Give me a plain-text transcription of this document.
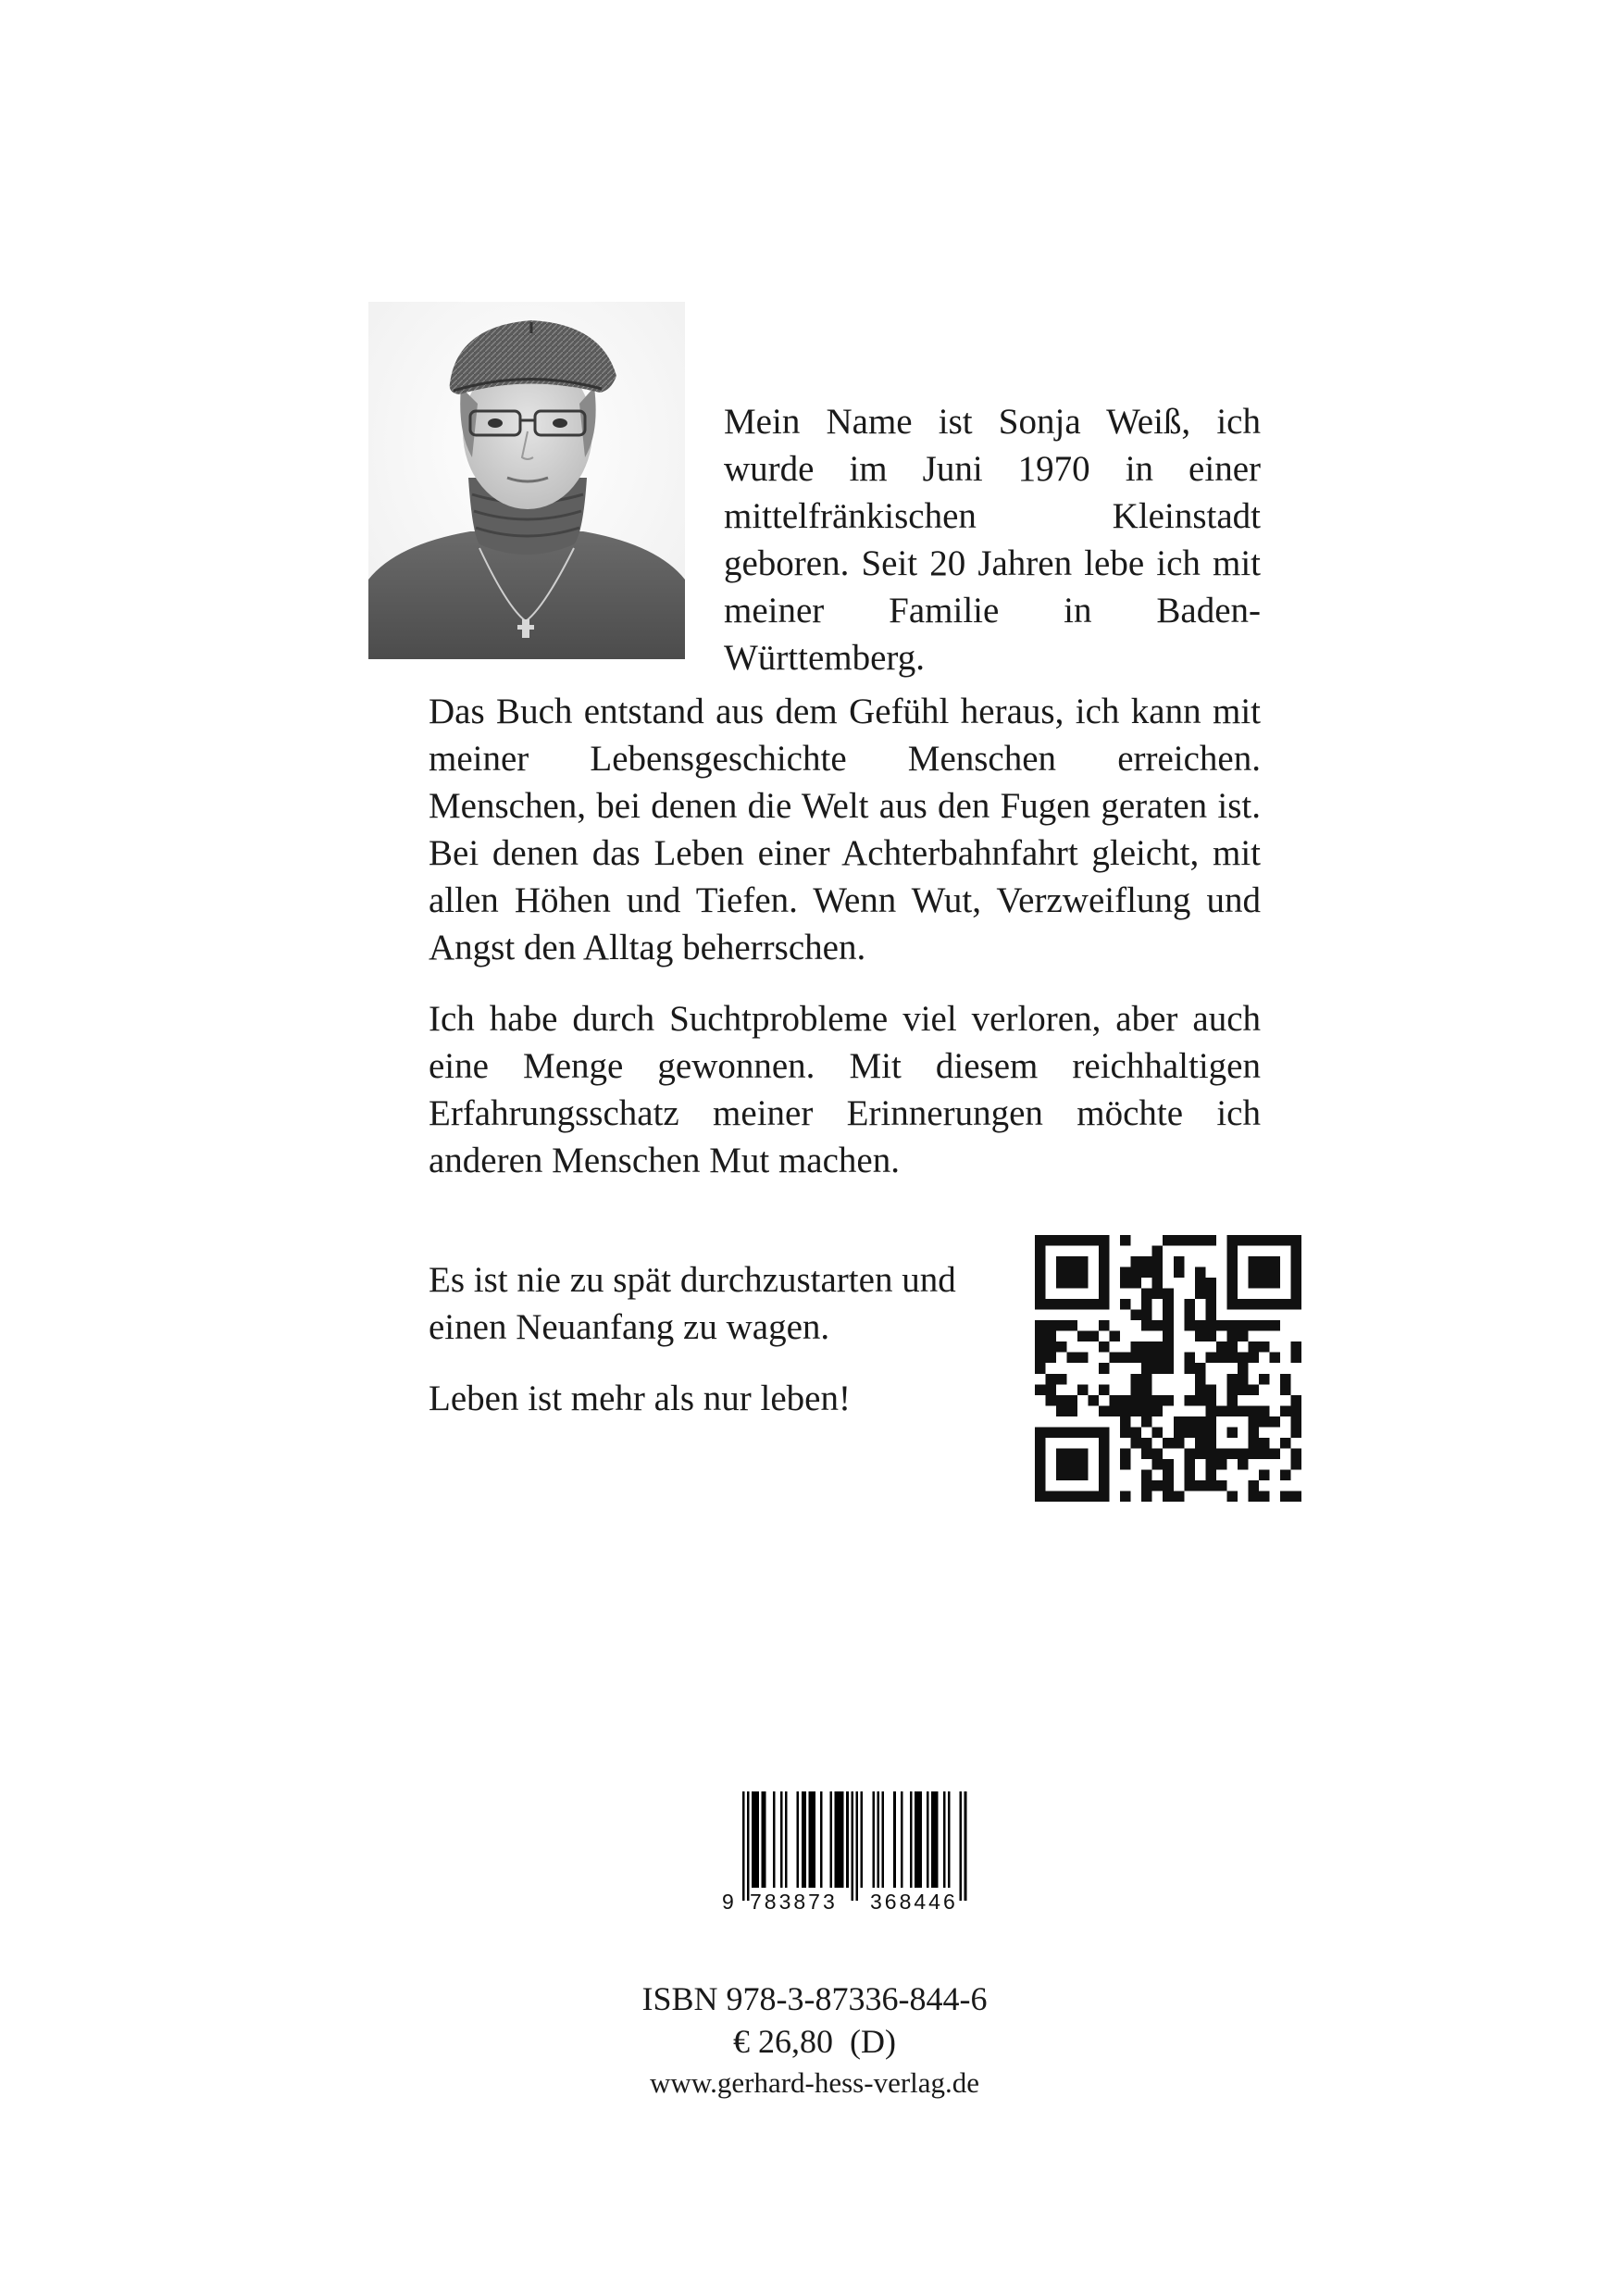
Mein Name ist Sonja Weiß, ich wurde im Juni 1970 in einer mittelfränkischen Kleinstadt geboren. Seit 20 Jahren lebe ich mit meiner Familie in Baden-Württemberg.

Das Buch entstand aus dem Gefühl heraus, ich kann mit meiner Lebensgeschichte Menschen erreichen. Menschen, bei denen die Welt aus den Fugen geraten ist. Bei denen das Leben einer Achterbahnfahrt gleicht, mit allen Höhen und Tiefen. Wenn Wut, Verzweiflung und Angst den Alltag beherrschen.

Ich habe durch Suchtprobleme viel verloren, aber auch eine Menge gewonnen. Mit diesem reichhaltigen Erfahrungsschatz meiner Erinnerungen möchte ich anderen Menschen Mut machen.

Es ist nie zu spät durchzustarten und einen Neuanfang zu wagen.

Leben ist mehr als nur leben!

9 783873 368446
ISBN 978-3-87336-844-6
€ 26,80  (D)
www.gerhard-hess-verlag.de
